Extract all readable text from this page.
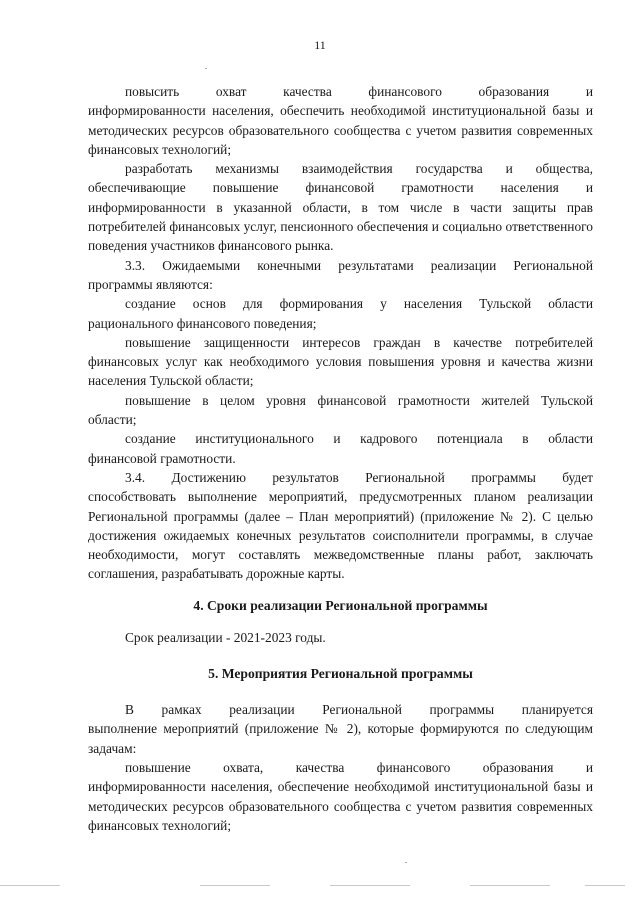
11
повысить охват качества финансового образования и
информированности населения, обеспечить необходимой институциональной базы и методических ресурсов образовательного сообщества с учетом развития современных финансовых технологий;
разработать механизмы взаимодействия государства и общества,
обеспечивающие повышение финансовой грамотности населения и информированности в указанной области, в том числе в части защиты прав потребителей финансовых услуг, пенсионного обеспечения и социально ответственного поведения участников финансового рынка.
3.3. Ожидаемыми конечными результатами реализации Региональной
программы являются:
создание основ для формирования у населения Тульской области
рационального финансового поведения;
повышение защищенности интересов граждан в качестве потребителей
финансовых услуг как необходимого условия повышения уровня и качества жизни населения Тульской области;
повышение в целом уровня финансовой грамотности жителей Тульской
области;
создание институционального и кадрового потенциала в области
финансовой грамотности.
3.4. Достижению результатов Региональной программы будет
способствовать выполнение мероприятий, предусмотренных планом реализации Региональной программы (далее – План мероприятий) (приложение № 2). С целью достижения ожидаемых конечных результатов соисполнители программы, в случае необходимости, могут составлять межведомственные планы работ, заключать соглашения, разрабатывать дорожные карты.
4. Сроки реализации Региональной программы
Срок реализации - 2021-2023 годы.
5. Мероприятия Региональной программы
В рамках реализации Региональной программы планируется
выполнение мероприятий (приложение № 2), которые формируются по следующим задачам:
повышение охвата, качества финансового образования и
информированности населения, обеспечение необходимой институциональной базы и методических ресурсов образовательного сообщества с учетом развития современных финансовых технологий;
